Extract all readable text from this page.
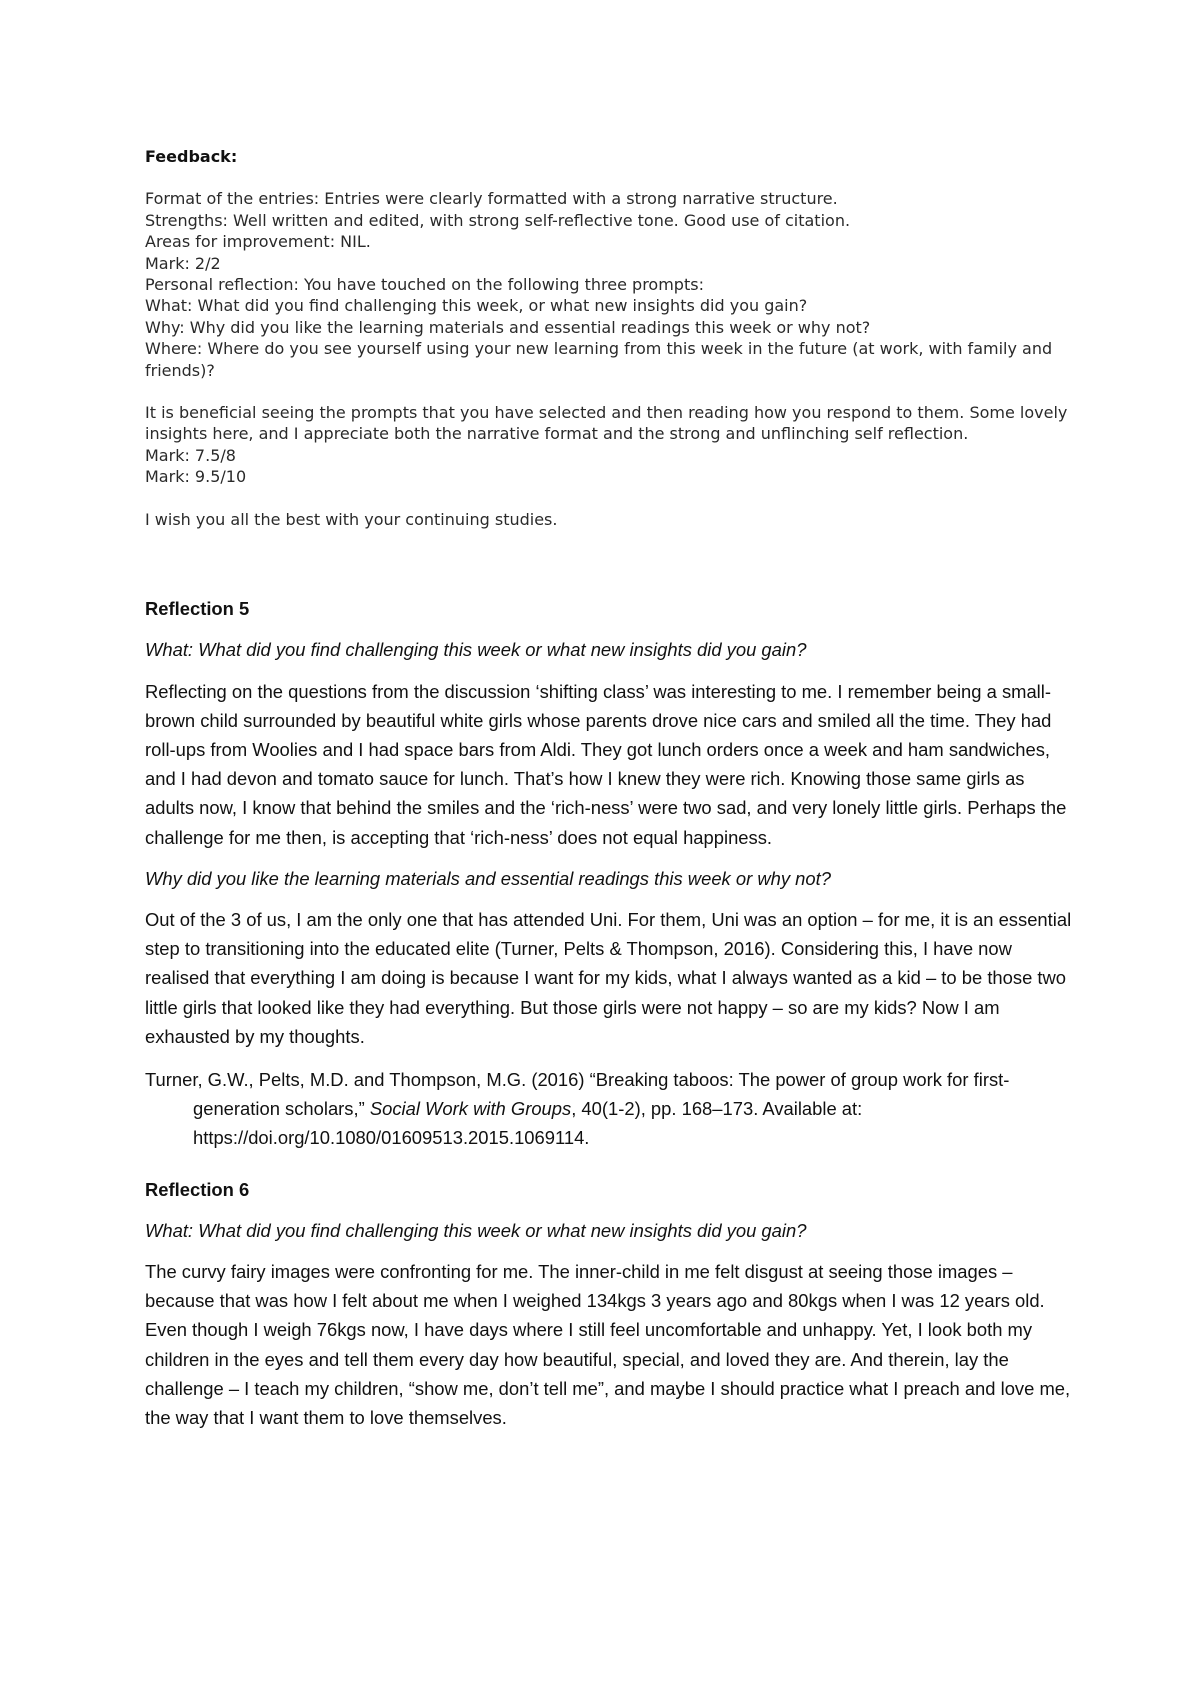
Feedback:
Format of the entries: Entries were clearly formatted with a strong narrative structure.
Strengths: Well written and edited, with strong self-reflective tone. Good use of citation.
Areas for improvement: NIL.
Mark: 2/2
Personal reflection: You have touched on the following three prompts:
What: What did you find challenging this week, or what new insights did you gain?
Why: Why did you like the learning materials and essential readings this week or why not?
Where: Where do you see yourself using your new learning from this week in the future (at work, with family and friends)?
It is beneficial seeing the prompts that you have selected and then reading how you respond to them. Some lovely insights here, and I appreciate both the narrative format and the strong and unflinching self reflection.
Mark: 7.5/8
Mark: 9.5/10
I wish you all the best with your continuing studies.

Reflection 5

What: What did you find challenging this week or what new insights did you gain?

Reflecting on the questions from the discussion ‘shifting class’ was interesting to me. I remember being a small-brown child surrounded by beautiful white girls whose parents drove nice cars and smiled all the time. They had roll-ups from Woolies and I had space bars from Aldi. They got lunch orders once a week and ham sandwiches, and I had devon and tomato sauce for lunch. That’s how I knew they were rich. Knowing those same girls as adults now, I know that behind the smiles and the ‘rich-ness’ were two sad, and very lonely little girls. Perhaps the challenge for me then, is accepting that ‘rich-ness’ does not equal happiness.

Why did you like the learning materials and essential readings this week or why not?

Out of the 3 of us, I am the only one that has attended Uni. For them, Uni was an option – for me, it is an essential step to transitioning into the educated elite (Turner, Pelts & Thompson, 2016). Considering this, I have now realised that everything I am doing is because I want for my kids, what I always wanted as a kid – to be those two little girls that looked like they had everything. But those girls were not happy – so are my kids? Now I am exhausted by my thoughts.

Turner, G.W., Pelts, M.D. and Thompson, M.G. (2016) “Breaking taboos: The power of group work for first-generation scholars,” Social Work with Groups, 40(1-2), pp. 168–173. Available at: https://doi.org/10.1080/01609513.2015.1069114.

Reflection 6

What: What did you find challenging this week or what new insights did you gain?

The curvy fairy images were confronting for me. The inner-child in me felt disgust at seeing those images – because that was how I felt about me when I weighed 134kgs 3 years ago and 80kgs when I was 12 years old. Even though I weigh 76kgs now, I have days where I still feel uncomfortable and unhappy. Yet, I look both my children in the eyes and tell them every day how beautiful, special, and loved they are. And therein, lay the challenge – I teach my children, “show me, don’t tell me”, and maybe I should practice what I preach and love me, the way that I want them to love themselves.
